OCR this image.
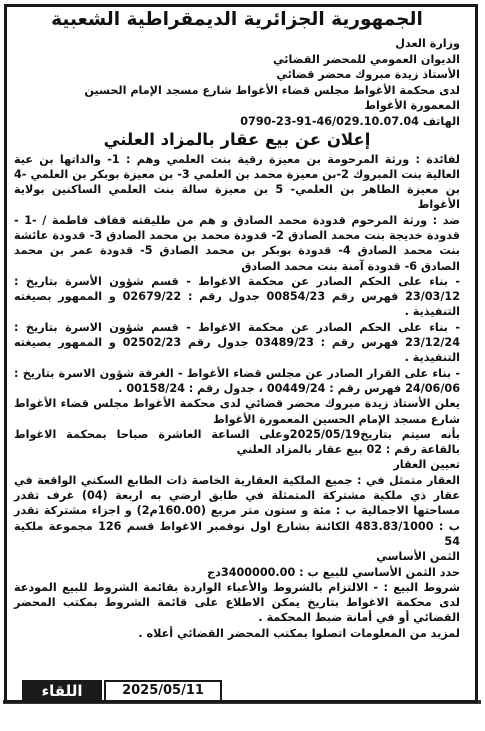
الجمهورية الجزائرية الديمقراطية الشعبية
وزارة العدل
الديوان العمومي للمحضر القضائي
الأستاذ زيدة مبروك محضر قضائي
لدى محكمة الأغواط مجلس قضاء الأغواط شارع مسجد الإمام الحسين
المعمورة الأغواط
الهاتف 0790-23-91-46/029.10.07.04
إعلان عن بيع عقار بالمزاد العلني

لفائدة : ورثة المرحومة بن معيزة رقية بنت العلمي وهم : 1- والداتها بن عية العالية بنت المبروك 2-بن معيزة محمد بن العلمي 3- بن معيزة بوبكر بن العلمي -4 بن معيزة الطاهر بن العلمي- 5 بن معيزة سالة بنت العلمي الساكنين بولاية الأغواط

ضد : ورثة المرحوم قدودة محمد الصادق و هم من طليقته قفاف فاطمة / -1 - قدودة خديجة بنت محمد الصادق 2- قدودة محمد بن محمد الصادق 3- قدودة عائشة بنت محمد الصادق 4- قدودة بوبكر بن محمد الصادق 5- قدودة عمر بن محمد الصادق 6- قدودة آمنة بنت محمد الصادق

- بناء على الحكم الصادر عن محكمة الاغواط - قسم شؤون الأسرة بتاريخ : 23/03/12 فهرس رقم 00854/23 جدول رقم : 02679/22 و الممهور بصيغته التنفيذية .

- بناء على الحكم الصادر عن محكمة الاغواط - قسم شؤون الاسرة بتاريخ : 23/12/24 فهرس رقم : 03489/23 جدول رقم 02502/23 و الممهور بصيغته التنفيذية .

- بناء على القرار الصادر عن مجلس قضاء الأغواط - الغرفة شؤون الاسرة بتاريخ : 24/06/06 فهرس رقم : 00449/24 ، جدول رقم : 00158/24 .

يعلن الأستاذ زيدة مبروك محضر قضائي لدى محكمة الأغواط مجلس قضاء الأغواط شارع مسجد الإمام الحسين المعمورة الأغواط

بأنه سيتم بتاريخ2025/05/19وعلى الساعة العاشرة صباحا بمحكمة الاغواط بالقاعة رقم : 02 بيع عقار بالمزاد العلني

تعيين العقار

العقار متمثل في : جميع الملكية العقارية الخاصة ذات الطابع السكني الواقعة في عقار ذي ملكية مشتركة المتمثلة في طابق ارضي به اربعة (04) غرف تقدر مساحتها الاجمالية ب : مئة و ستون متر مربع (160.00م2) و اجزاء مشتركة تقدر ب : 483.83/1000 الكائنة بشارع اول نوفمبر الاغواط قسم 126 مجموعة ملكية 54

الثمن الأساسي

حدد الثمن الأساسي للبيع ب : 3400000.00دج

شروط البيع : - الالتزام بالشروط والأعباء الواردة بقائمة الشروط للبيع المودعة لدى محكمة الاغواط بتاريخ يمكن الاطلاع على قائمة الشروط بمكتب المحضر القضائي أو في أمانة ضبط المحكمة .

لمزيد من المعلومات اتصلوا بمكتب المحضر القضائي أعلاه .

اللقاء	2025/05/11
